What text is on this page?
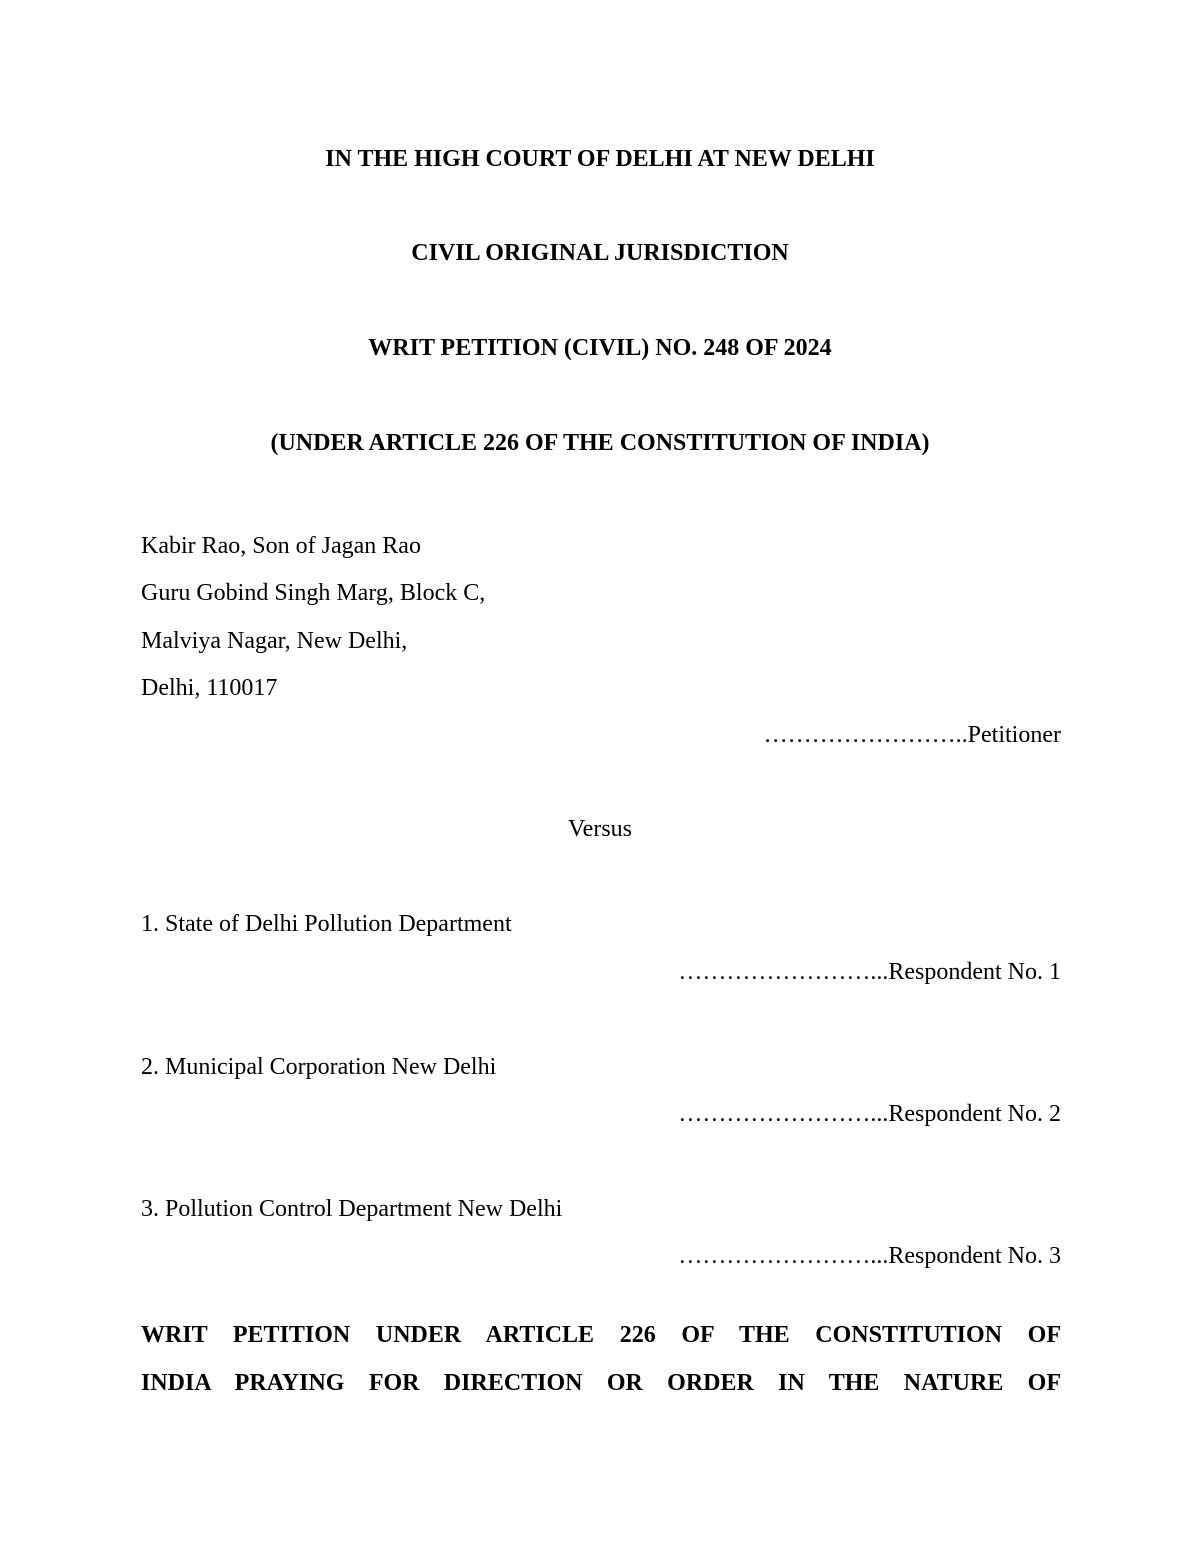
IN THE HIGH COURT OF DELHI AT NEW DELHI
CIVIL ORIGINAL JURISDICTION
WRIT PETITION (CIVIL) NO. 248 OF 2024
(UNDER ARTICLE 226 OF THE CONSTITUTION OF INDIA)
Kabir Rao, Son of Jagan Rao
Guru Gobind Singh Marg, Block C,
Malviya Nagar, New Delhi,
Delhi, 110017
……………………..Petitioner
Versus
1. State of Delhi Pollution Department
……………………...Respondent No. 1
2. Municipal Corporation New Delhi
……………………...Respondent No. 2
3. Pollution Control Department New Delhi
……………………...Respondent No. 3
WRIT PETITION UNDER ARTICLE 226 OF THE CONSTITUTION OF
INDIA PRAYING FOR DIRECTION OR ORDER IN THE NATURE OF
